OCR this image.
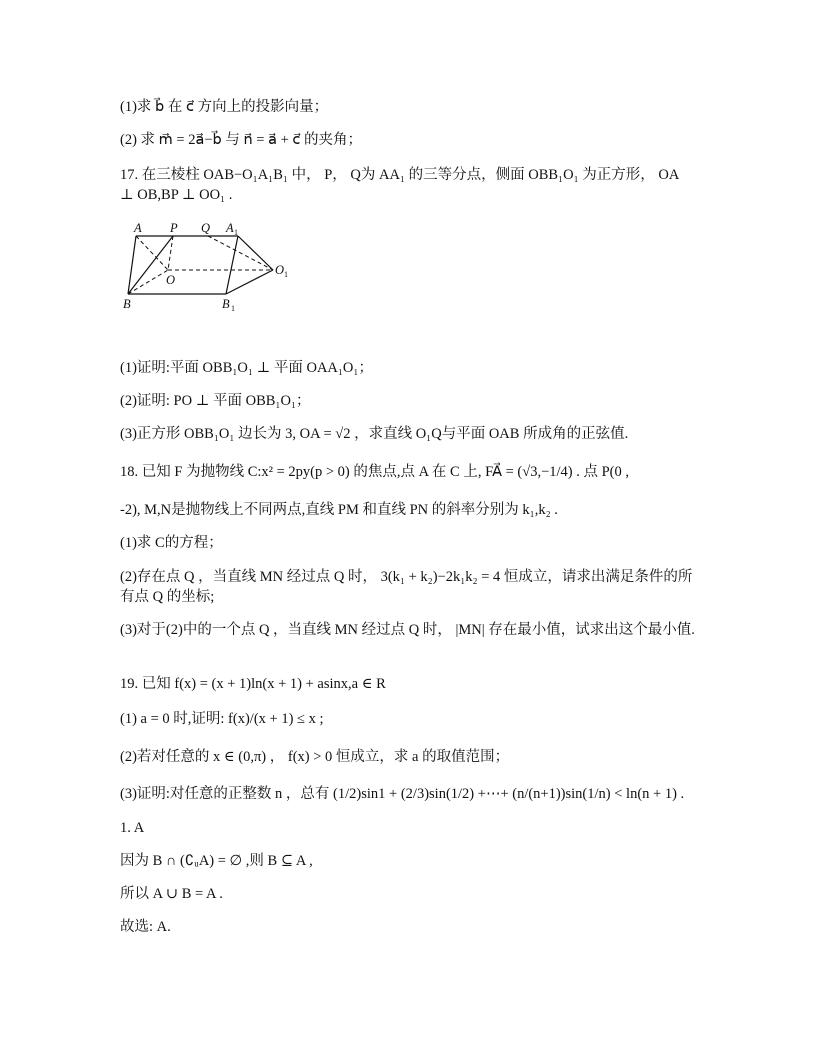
(1)求 b⃗ 在 c⃗ 方向上的投影向量；
(2) 求 m⃗ = 2a⃗−b⃗ 与 n⃗ = a⃗ + c⃗ 的夹角；
17. 在三棱柱 OAB−O₁A₁B₁ 中， P， Q为 AA₁ 的三等分点，侧面 OBB₁O₁ 为正方形， OA ⊥ OB,BP ⊥ OO₁ .
A P Q A 1
O
O 1
B	B 1
(1)证明:平面 OBB₁O₁ ⊥ 平面 OAA₁O₁；
(2)证明: PO ⊥ 平面 OBB₁O₁；
(3)正方形 OBB₁O₁ 边长为 3, OA = √2 ，求直线 O₁Q与平面 OAB 所成角的正弦值.
18. 已知 F 为抛物线 C:x² = 2py(p > 0) 的焦点,点 A 在 C 上, FA⃗ = (√3,−1/4) . 点 P(0 ,
-2), M,N是抛物线上不同两点,直线 PM 和直线 PN 的斜率分别为 k₁,k₂ .
(1)求 C的方程；
(2)存在点 Q ，当直线 MN 经过点 Q 时， 3(k₁ + k₂)−2k₁k₂ = 4 恒成立，请求出满足条件的所有点 Q 的坐标;
(3)对于(2)中的一个点 Q ，当直线 MN 经过点 Q 时， |MN| 存在最小值，试求出这个最小值.
19. 已知 f(x) = (x + 1)ln(x + 1) + asinx,a ∈ R
(1) a = 0 时,证明: f(x)/(x + 1) ≤ x ;
(2)若对任意的 x ∈ (0,π) ， f(x) > 0 恒成立，求 a 的取值范围；
(3)证明:对任意的正整数 n ，总有 (1/2)sin1 + (2/3)sin(1/2) +⋯+ (n/(n+1))sin(1/n) < ln(n + 1) .
1. A
因为 B ∩ (∁ᵤA) = ∅ ,则 B ⊆ A ,
所以 A ∪ B = A .
故选: A.
